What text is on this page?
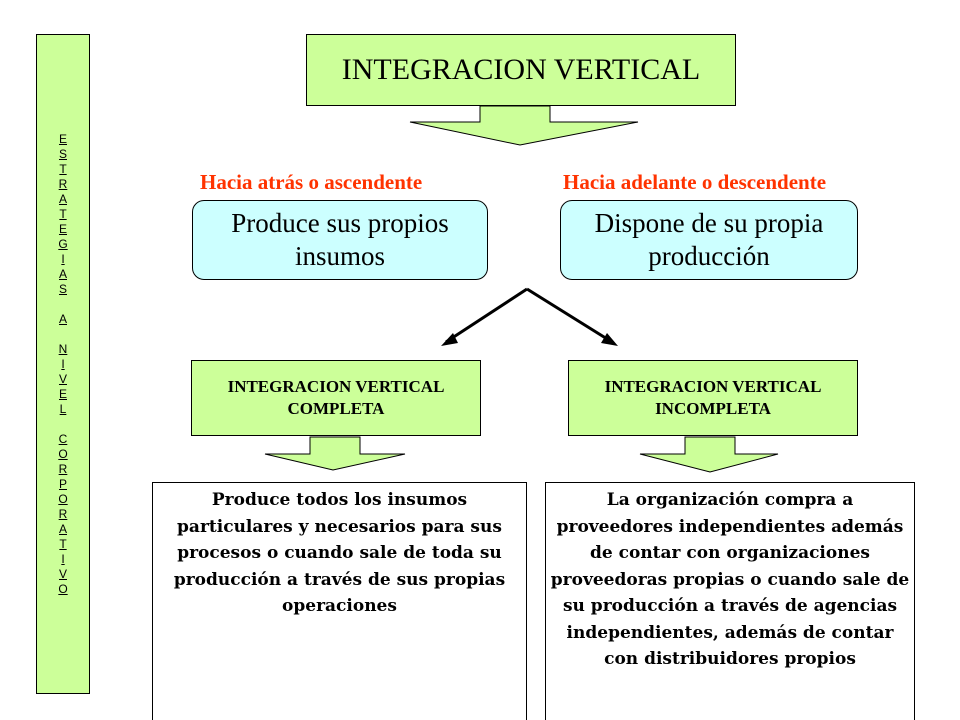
E
S
T
R
A
T
E
G
I
A
S
A
N
I
V
E
L
C
O
R
P
O
R
A
T
I
V
O
INTEGRACION VERTICAL
Hacia atrás o ascendente	Hacia adelante o descendente
Produce sus propios insumos
Dispone de su propia producción
INTEGRACION VERTICAL
COMPLETA
INTEGRACION VERTICAL
INCOMPLETA
Produce todos los insumos particulares y necesarios para sus procesos o cuando sale de toda su producción a través de sus propias operaciones
La organización compra a proveedores independientes además de contar con organizaciones proveedoras propias o cuando sale de su producción a través de agencias independientes, además de contar con distribuidores propios
